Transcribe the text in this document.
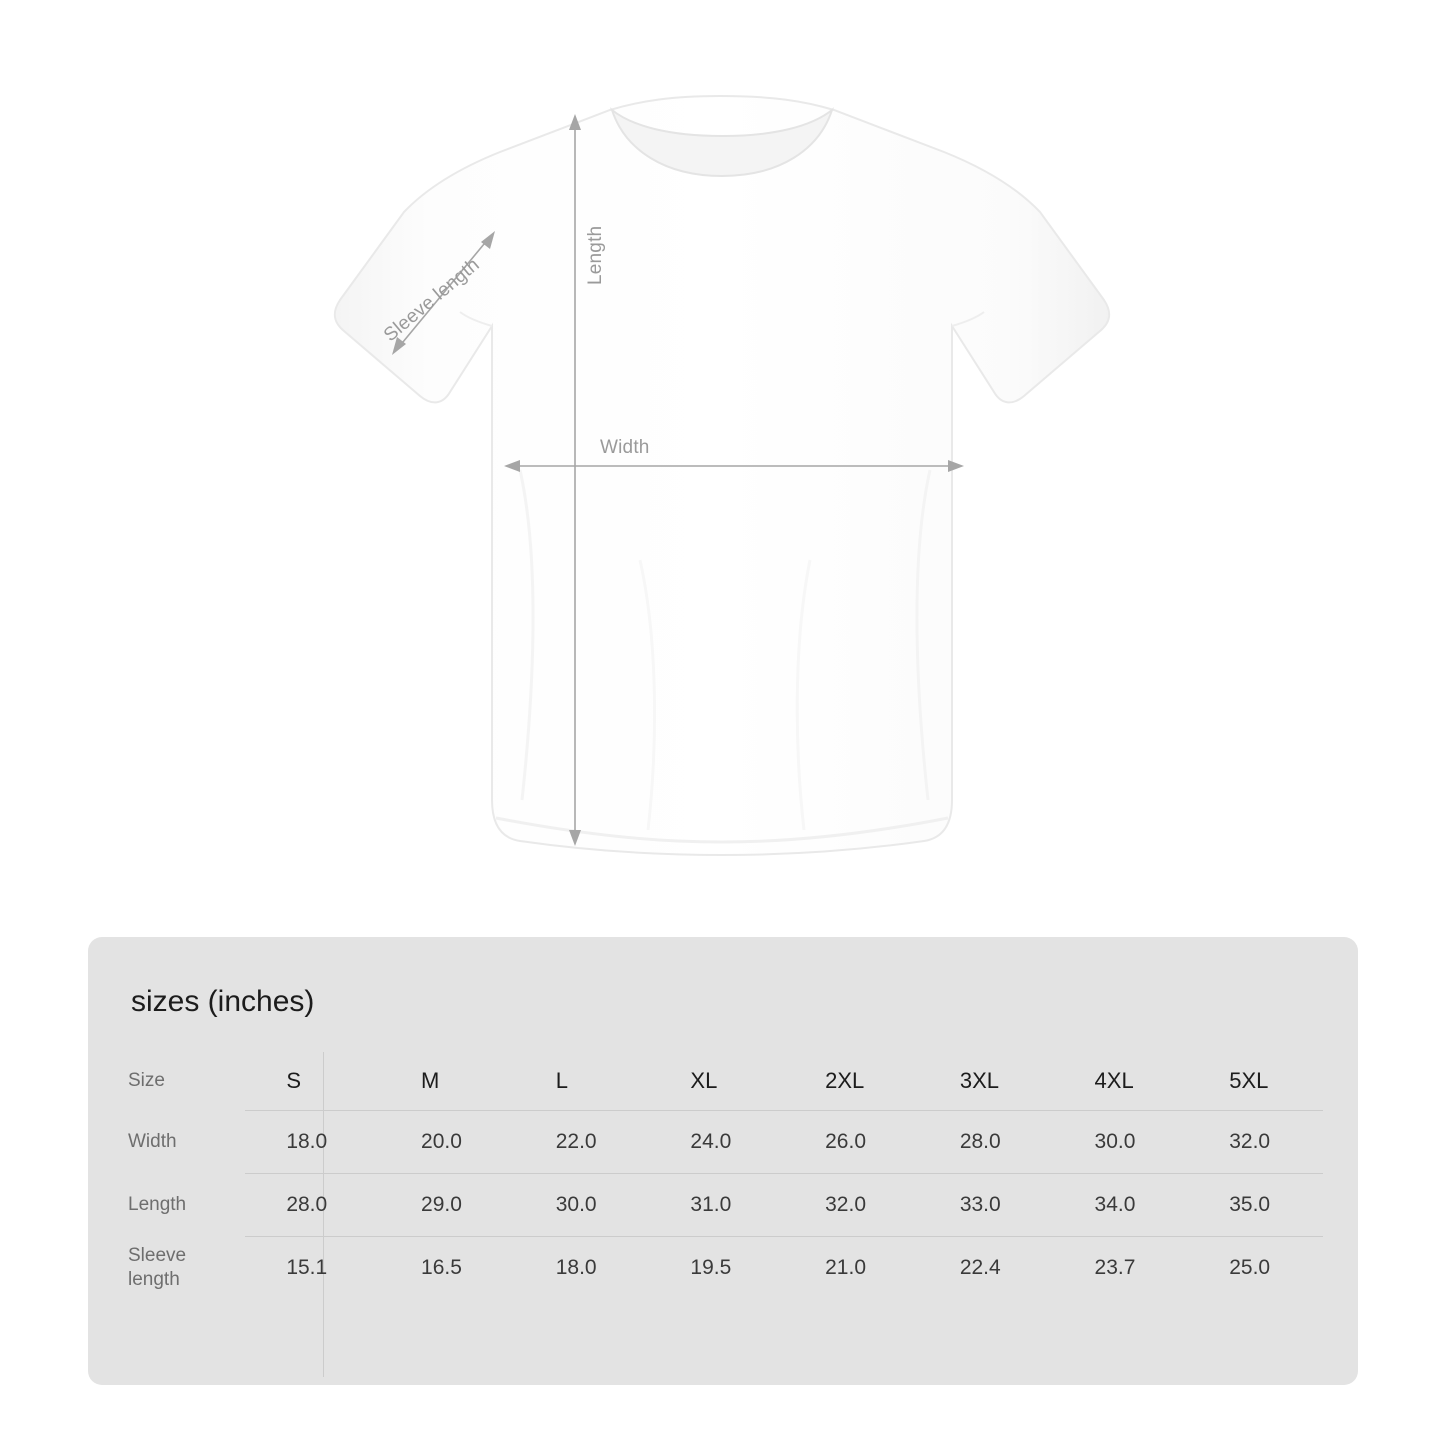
Length
Width
Sleeve length
sizes (inches)
Size	S	M	L	XL	2XL	3XL	4XL	5XL
Width	18.0	20.0	22.0	24.0	26.0	28.0	30.0	32.0
Length	28.0	29.0	30.0	31.0	32.0	33.0	34.0	35.0
Sleeve length	15.1	16.5	18.0	19.5	21.0	22.4	23.7	25.0
